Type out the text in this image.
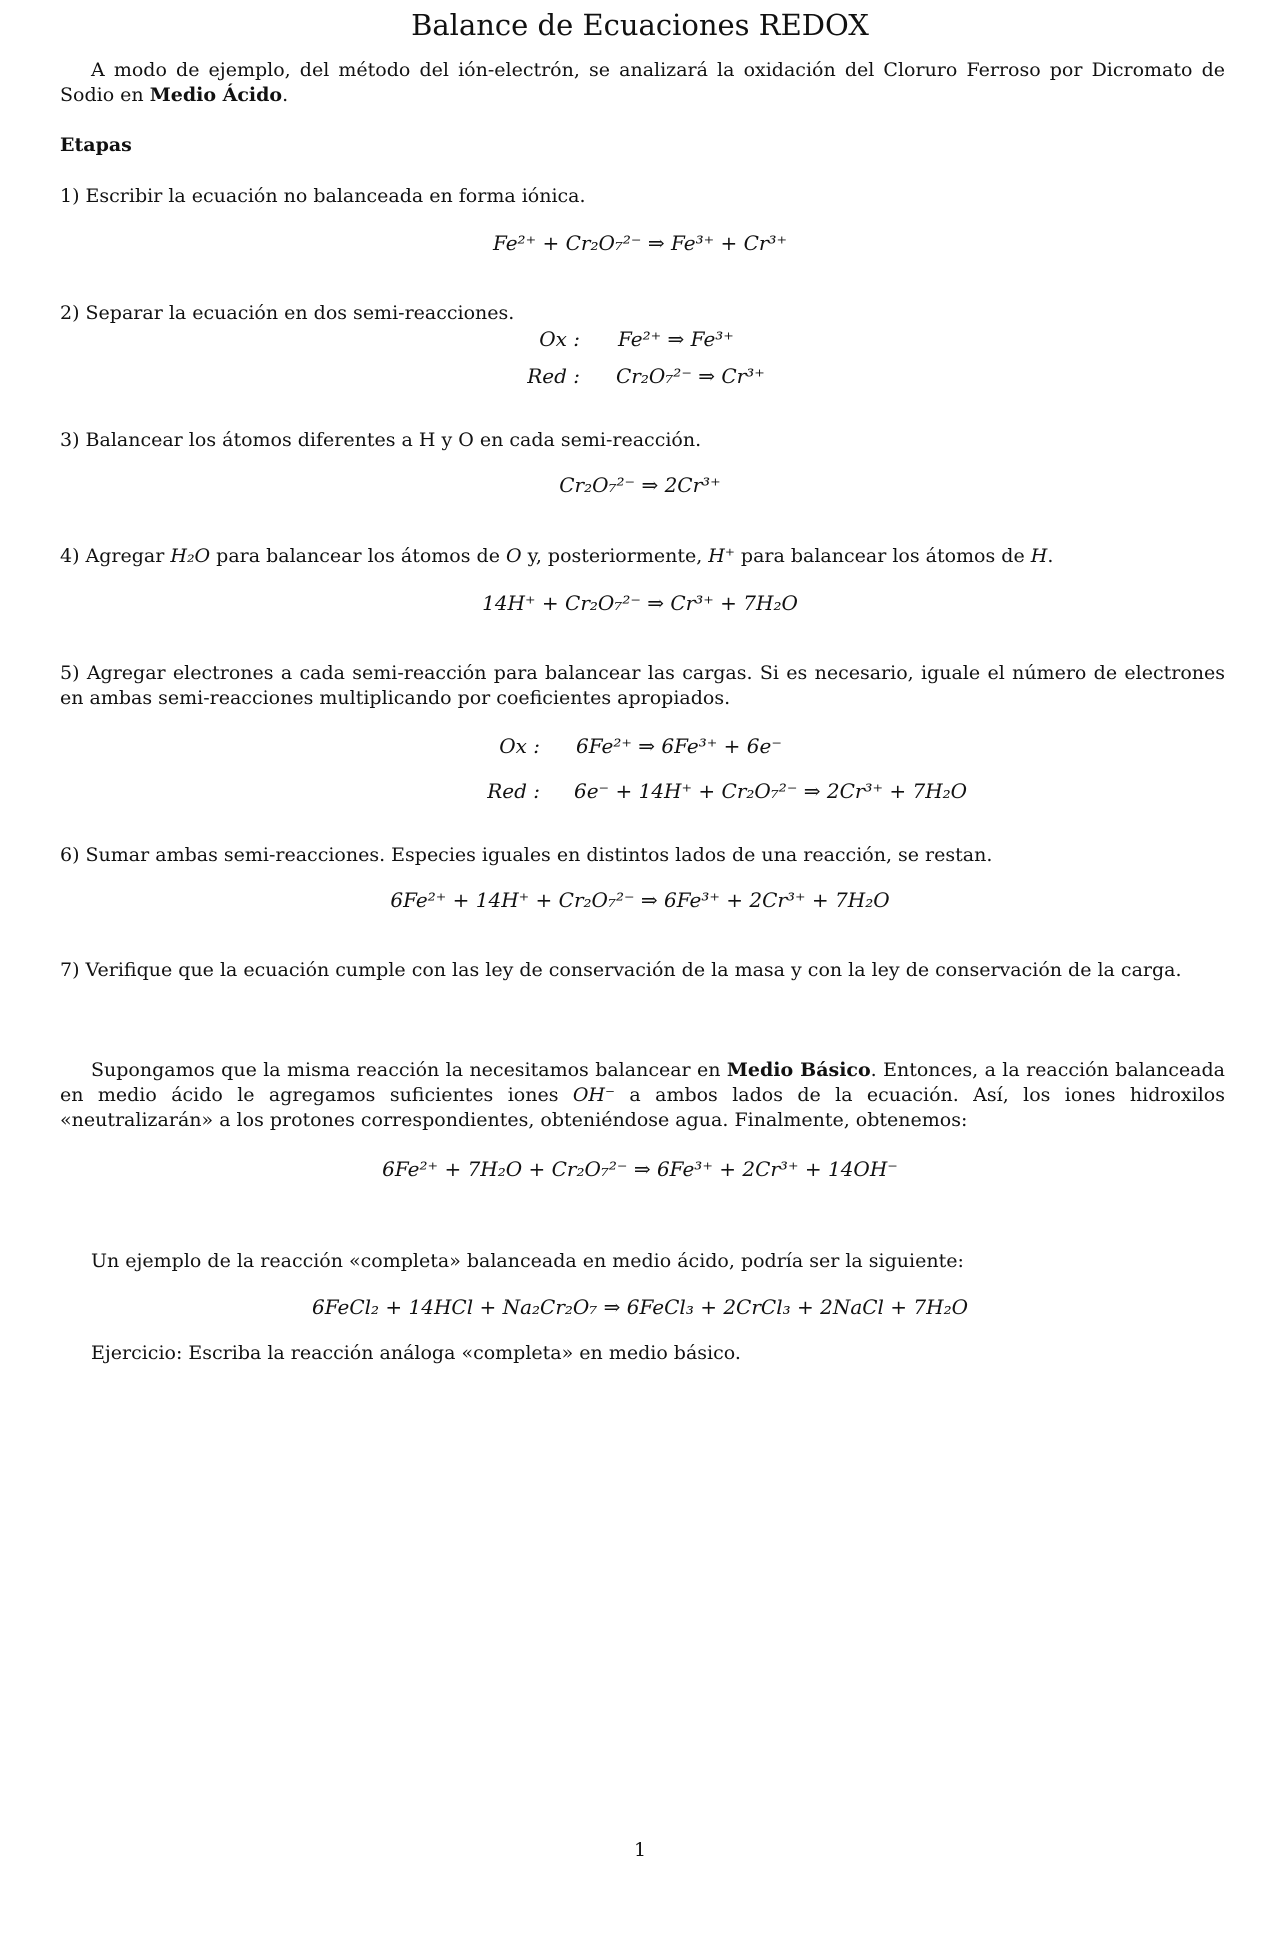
Balance de Ecuaciones REDOX

A modo de ejemplo, del método del ión-electrón, se analizará la oxidación del Cloruro Ferroso por Dicromato de Sodio en Medio Ácido.

Etapas

1) Escribir la ecuación no balanceada en forma iónica.

Fe²⁺ + Cr₂O₇²⁻ ⇒ Fe³⁺ + Cr³⁺

2) Separar la ecuación en dos semi-reacciones.

Ox : Fe²⁺ ⇒ Fe³⁺
Red : Cr₂O₇²⁻ ⇒ Cr³⁺

3) Balancear los átomos diferentes a H y O en cada semi-reacción.

Cr₂O₇²⁻ ⇒ 2Cr³⁺

4) Agregar H₂O para balancear los átomos de O y, posteriormente, H⁺ para balancear los átomos de H.

14H⁺ + Cr₂O₇²⁻ ⇒ Cr³⁺ + 7H₂O

5) Agregar electrones a cada semi-reacción para balancear las cargas. Si es necesario, iguale el número de electrones en ambas semi-reacciones multiplicando por coeficientes apropiados.

Ox : 6Fe²⁺ ⇒ 6Fe³⁺ + 6e⁻
Red : 6e⁻ + 14H⁺ + Cr₂O₇²⁻ ⇒ 2Cr³⁺ + 7H₂O

6) Sumar ambas semi-reacciones. Especies iguales en distintos lados de una reacción, se restan.

6Fe²⁺ + 14H⁺ + Cr₂O₇²⁻ ⇒ 6Fe³⁺ + 2Cr³⁺ + 7H₂O

7) Verifique que la ecuación cumple con las ley de conservación de la masa y con la ley de conservación de la carga.

Supongamos que la misma reacción la necesitamos balancear en Medio Básico. Entonces, a la reacción balanceada en medio ácido le agregamos suficientes iones OH⁻ a ambos lados de la ecuación. Así, los iones hidroxilos «neutralizarán» a los protones correspondientes, obteniéndose agua. Finalmente, obtenemos:

6Fe²⁺ + 7H₂O + Cr₂O₇²⁻ ⇒ 6Fe³⁺ + 2Cr³⁺ + 14OH⁻

Un ejemplo de la reacción «completa» balanceada en medio ácido, podría ser la siguiente:

6FeCl₂ + 14HCl + Na₂Cr₂O₇ ⇒ 6FeCl₃ + 2CrCl₃ + 2NaCl + 7H₂O

Ejercicio: Escriba la reacción análoga «completa» en medio básico.

1
